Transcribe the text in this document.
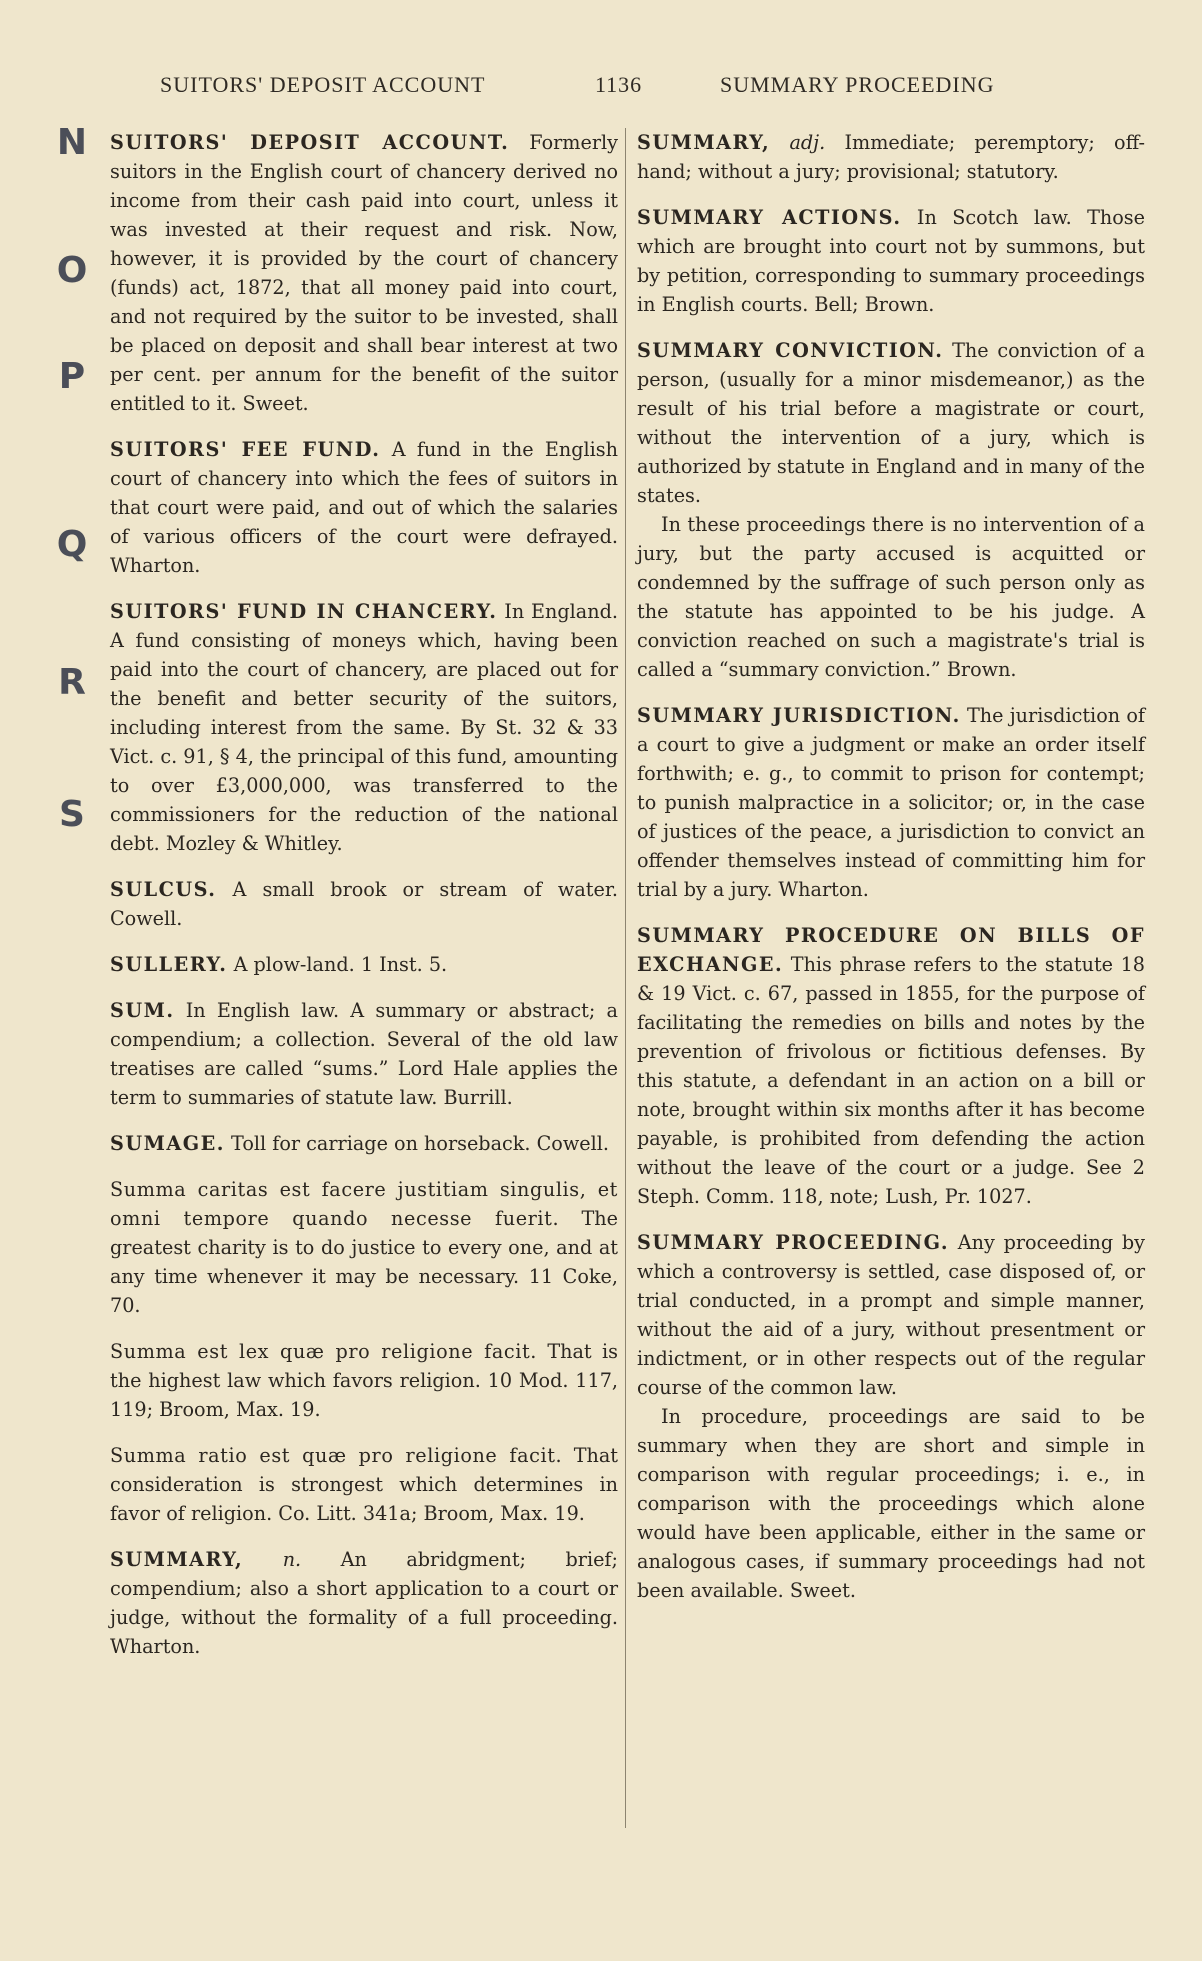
SUITORS' DEPOSIT ACCOUNT	1136	SUMMARY PROCEEDING
N
O
P
Q
R
S

SUITORS' DEPOSIT ACCOUNT. Formerly suitors in the English court of chancery derived no income from their cash paid into court, unless it was invested at their request and risk. Now, however, it is provided by the court of chancery (funds) act, 1872, that all money paid into court, and not required by the suitor to be invested, shall be placed on deposit and shall bear interest at two per cent. per annum for the benefit of the suitor entitled to it. Sweet.

SUITORS' FEE FUND. A fund in the English court of chancery into which the fees of suitors in that court were paid, and out of which the salaries of various officers of the court were defrayed. Wharton.

SUITORS' FUND IN CHANCERY. In England. A fund consisting of moneys which, having been paid into the court of chancery, are placed out for the benefit and better security of the suitors, including interest from the same. By St. 32 & 33 Vict. c. 91, § 4, the principal of this fund, amounting to over £3,000,000, was transferred to the commissioners for the reduction of the national debt. Mozley & Whitley.

SULCUS. A small brook or stream of water. Cowell.

SULLERY. A plow-land. 1 Inst. 5.

SUM. In English law. A summary or abstract; a compendium; a collection. Several of the old law treatises are called “sums.” Lord Hale applies the term to summaries of statute law. Burrill.

SUMAGE. Toll for carriage on horseback. Cowell.

Summa caritas est facere justitiam singulis, et omni tempore quando necesse fuerit. The greatest charity is to do justice to every one, and at any time whenever it may be necessary. 11 Coke, 70.

Summa est lex quæ pro religione facit. That is the highest law which favors religion. 10 Mod. 117, 119; Broom, Max. 19.

Summa ratio est quæ pro religione facit. That consideration is strongest which determines in favor of religion. Co. Litt. 341a; Broom, Max. 19.

SUMMARY, n. An abridgment; brief; compendium; also a short application to a court or judge, without the formality of a full proceeding. Wharton.

SUMMARY, adj. Immediate; peremptory; off-hand; without a jury; provisional; statutory.

SUMMARY ACTIONS. In Scotch law. Those which are brought into court not by summons, but by petition, corresponding to summary proceedings in English courts. Bell; Brown.

SUMMARY CONVICTION. The conviction of a person, (usually for a minor misdemeanor,) as the result of his trial before a magistrate or court, without the intervention of a jury, which is authorized by statute in England and in many of the states.

In these proceedings there is no intervention of a jury, but the party accused is acquitted or condemned by the suffrage of such person only as the statute has appointed to be his judge. A conviction reached on such a magistrate's trial is called a “summary conviction.” Brown.

SUMMARY JURISDICTION. The jurisdiction of a court to give a judgment or make an order itself forthwith; e. g., to commit to prison for contempt; to punish malpractice in a solicitor; or, in the case of justices of the peace, a jurisdiction to convict an offender themselves instead of committing him for trial by a jury. Wharton.

SUMMARY PROCEDURE ON BILLS OF EXCHANGE. This phrase refers to the statute 18 & 19 Vict. c. 67, passed in 1855, for the purpose of facilitating the remedies on bills and notes by the prevention of frivolous or fictitious defenses. By this statute, a defendant in an action on a bill or note, brought within six months after it has become payable, is prohibited from defending the action without the leave of the court or a judge. See 2 Steph. Comm. 118, note; Lush, Pr. 1027.

SUMMARY PROCEEDING. Any proceeding by which a controversy is settled, case disposed of, or trial conducted, in a prompt and simple manner, without the aid of a jury, without presentment or indictment, or in other respects out of the regular course of the common law.

In procedure, proceedings are said to be summary when they are short and simple in comparison with regular proceedings; i. e., in comparison with the proceedings which alone would have been applicable, either in the same or analogous cases, if summary proceedings had not been available. Sweet.
